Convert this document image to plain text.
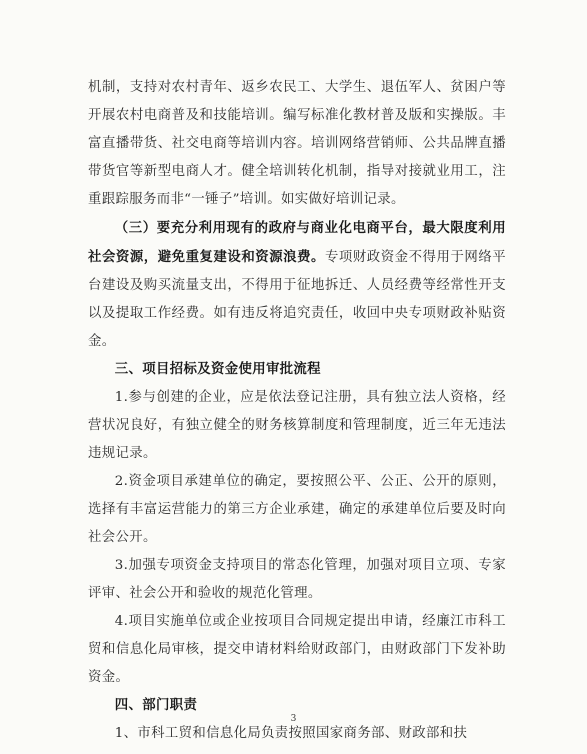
机制，支持对农村青年、返乡农民工、大学生、退伍军人、贫困户等开展农村电商普及和技能培训。编写标准化教材普及版和实操版。丰富直播带货、社交电商等培训内容。培训网络营销师、公共品牌直播带货官等新型电商人才。健全培训转化机制，指导对接就业用工，注重跟踪服务而非“一锤子”培训。如实做好培训记录。

（三）要充分利用现有的政府与商业化电商平台，最大限度利用社会资源，避免重复建设和资源浪费。专项财政资金不得用于网络平台建设及购买流量支出，不得用于征地拆迁、人员经费等经常性开支以及提取工作经费。如有违反将追究责任，收回中央专项财政补贴资金。

三、项目招标及资金使用审批流程

1.参与创建的企业，应是依法登记注册，具有独立法人资格，经营状况良好，有独立健全的财务核算制度和管理制度，近三年无违法违规记录。

2.资金项目承建单位的确定，要按照公平、公正、公开的原则，选择有丰富运营能力的第三方企业承建，确定的承建单位后要及时向社会公开。

3.加强专项资金支持项目的常态化管理，加强对项目立项、专家评审、社会公开和验收的规范化管理。

4.项目实施单位或企业按项目合同规定提出申请，经廉江市科工贸和信息化局审核，提交申请材料给财政部门，由财政部门下发补助资金。

四、部门职责

1、市科工贸和信息化局负责按照国家商务部、财政部和扶

3
